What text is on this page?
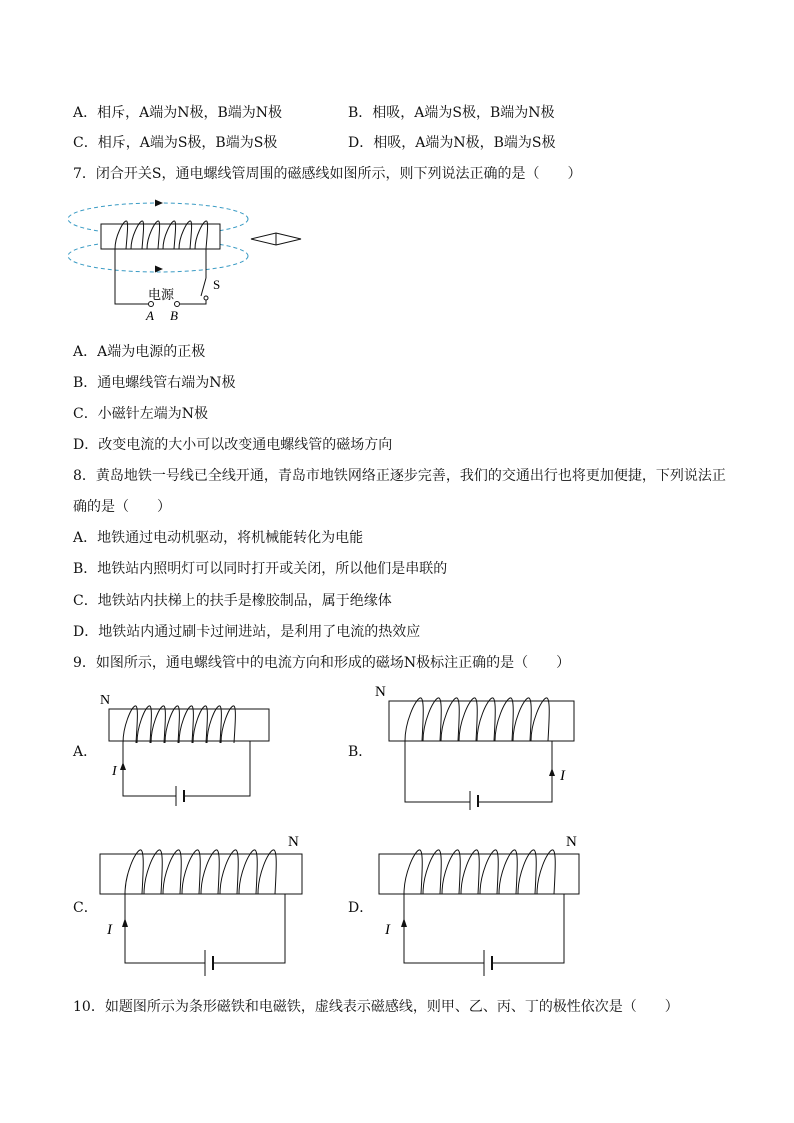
A．相斥，A端为N极，B端为N极	B．相吸，A端为S极，B端为N极
C．相斥，A端为S极，B端为S极	D．相吸，A端为N极，B端为S极
7．闭合开关S，通电螺线管周围的磁感线如图所示，则下列说法正确的是（　　）
电源
A B
S
A．A端为电源的正极
B．通电螺线管右端为N极
C．小磁针左端为N极
D．改变电流的大小可以改变通电螺线管的磁场方向
8．黄岛地铁一号线已全线开通，青岛市地铁网络正逐步完善，我们的交通出行也将更加便捷，下列说法正
确的是（　　）
A．地铁通过电动机驱动，将机械能转化为电能
B．地铁站内照明灯可以同时打开或关闭，所以他们是串联的
C．地铁站内扶梯上的扶手是橡胶制品，属于绝缘体
D．地铁站内通过刷卡过闸进站，是利用了电流的热效应
9．如图所示，通电螺线管中的电流方向和形成的磁场N极标注正确的是（　　）
A．
N
I
B．
N
I
C．
N
I
D．
N
I
10．如题图所示为条形磁铁和电磁铁，虚线表示磁感线，则甲、乙、丙、丁的极性依次是（　　）
